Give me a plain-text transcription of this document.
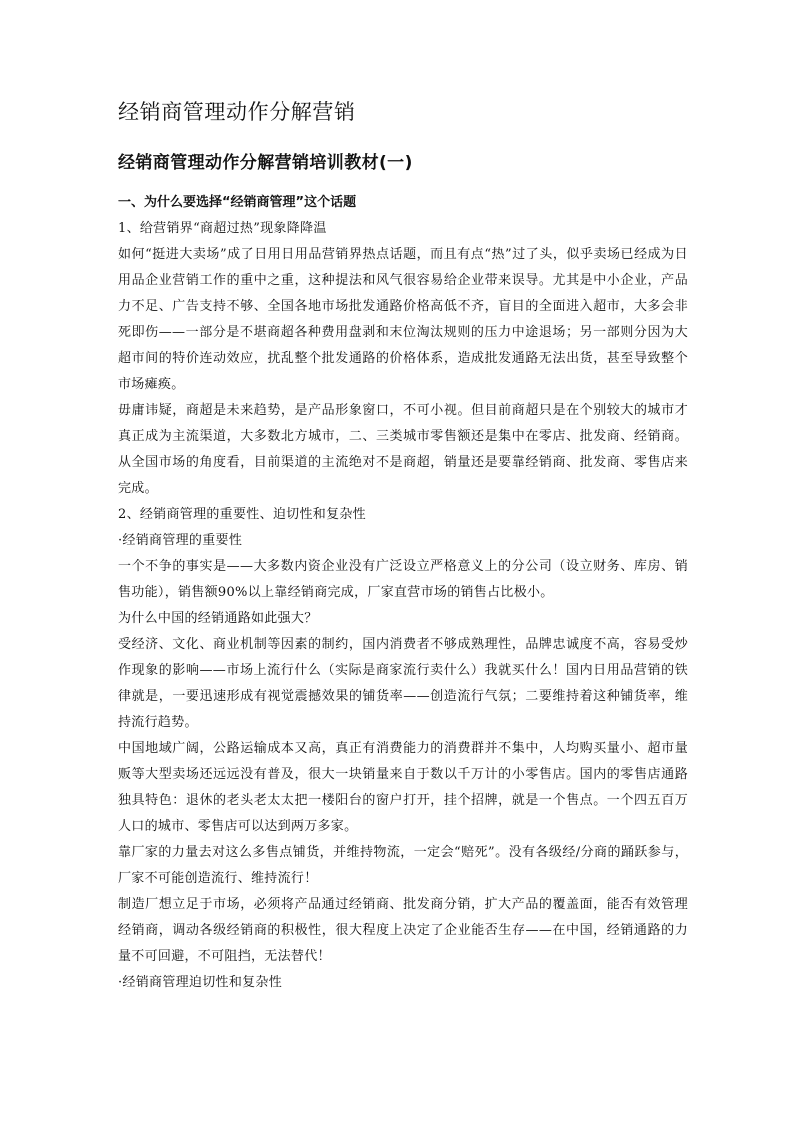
经销商管理动作分解营销
经销商管理动作分解营销培训教材(一)
一、为什么要选择“经销商管理”这个话题
1、给营销界“商超过热”现象降降温

如何“挺进大卖场”成了日用日用品营销界热点话题，而且有点“热”过了头，似乎卖场已经成为日用品企业营销工作的重中之重，这种提法和风气很容易给企业带来误导。尤其是中小企业，产品力不足、广告支持不够、全国各地市场批发通路价格高低不齐，盲目的全面进入超市，大多会非死即伤——一部分是不堪商超各种费用盘剥和末位淘汰规则的压力中途退场；另一部则分因为大超市间的特价连动效应，扰乱整个批发通路的价格体系，造成批发通路无法出货，甚至导致整个市场瘫痪。

毋庸讳疑，商超是未来趋势，是产品形象窗口，不可小视。但目前商超只是在个别较大的城市才真正成为主流渠道，大多数北方城市，二、三类城市零售额还是集中在零店、批发商、经销商。从全国市场的角度看，目前渠道的主流绝对不是商超，销量还是要靠经销商、批发商、零售店来完成。

2、经销商管理的重要性、迫切性和复杂性
·经销商管理的重要性

一个不争的事实是——大多数内资企业没有广泛设立严格意义上的分公司（设立财务、库房、销售功能），销售额90%以上靠经销商完成，厂家直营市场的销售占比极小。

为什么中国的经销通路如此强大？

受经济、文化、商业机制等因素的制约，国内消费者不够成熟理性，品牌忠诚度不高，容易受炒作现象的影响——市场上流行什么（实际是商家流行卖什么）我就买什么！国内日用品营销的铁律就是，一要迅速形成有视觉震撼效果的铺货率——创造流行气氛；二要维持着这种铺货率，维持流行趋势。

中国地域广阔，公路运输成本又高，真正有消费能力的消费群并不集中，人均购买量小、超市量贩等大型卖场还远远没有普及，很大一块销量来自于数以千万计的小零售店。国内的零售店通路独具特色：退休的老头老太太把一楼阳台的窗户打开，挂个招牌，就是一个售点。一个四五百万人口的城市、零售店可以达到两万多家。

靠厂家的力量去对这么多售点铺货，并维持物流，一定会“赔死”。没有各级经/分商的踊跃参与，厂家不可能创造流行、维持流行！

制造厂想立足于市场，必须将产品通过经销商、批发商分销，扩大产品的覆盖面，能否有效管理经销商，调动各级经销商的积极性，很大程度上决定了企业能否生存——在中国，经销通路的力量不可回避，不可阻挡，无法替代！

·经销商管理迫切性和复杂性
